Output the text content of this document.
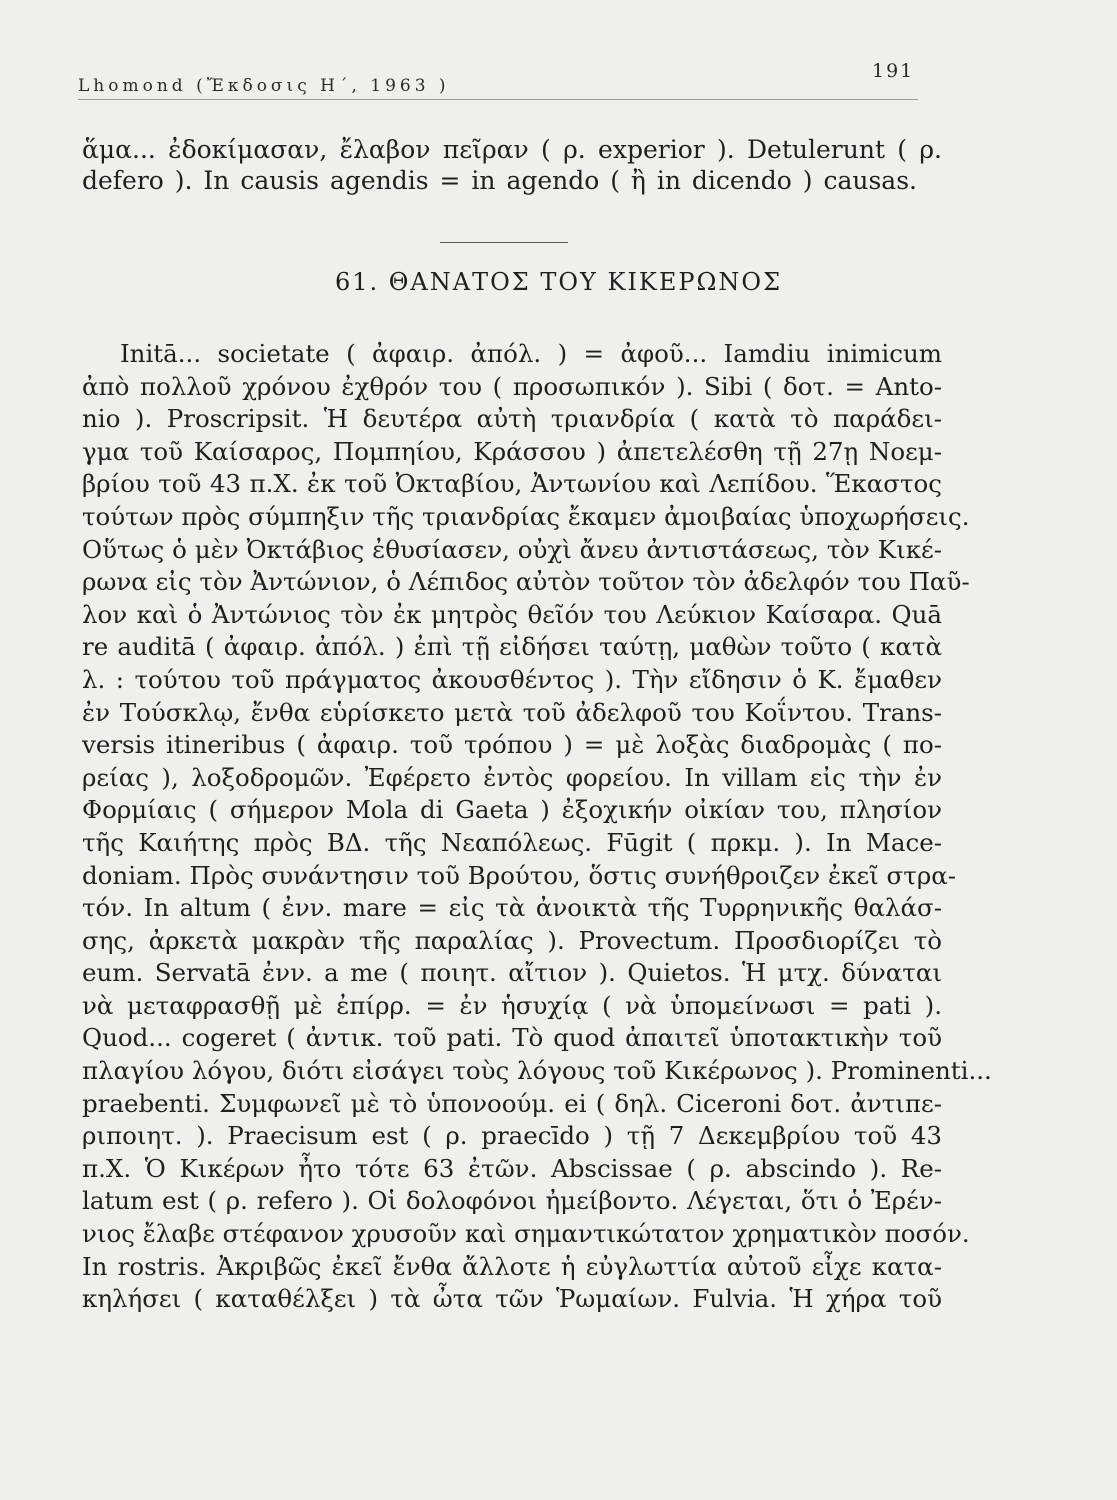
Lhomond (Ἔκδοσις Η΄, 1963 )
191
ἅμα... ἐδοκίμασαν, ἔλαβον πεῖραν ( ρ. experior ). Detulerunt ( ρ.
defero ). In causis agendis = in agendo ( ἢ in dicendo ) causas.
61. ΘΑΝΑΤΟΣ ΤΟΥ ΚΙΚΕΡΩΝΟΣ
Initā... societate ( ἀφαιρ. ἀπόλ. ) = ἀφοῦ... Iamdiu inimicum
ἀπὸ πολλοῦ χρόνου ἐχθρόν του ( προσωπικόν ). Sibi ( δοτ. = Anto-
nio ). Proscripsit. Ἡ δευτέρα αὐτὴ τριανδρία ( κατὰ τὸ παράδει-
γμα τοῦ Καίσαρος, Πομπηίου, Κράσσου ) ἀπετελέσθη τῇ 27ῃ Νοεμ-
βρίου τοῦ 43 π.Χ. ἐκ τοῦ Ὀκταβίου, Ἀντωνίου καὶ Λεπίδου. Ἕκαστος
τούτων πρὸς σύμπηξιν τῆς τριανδρίας ἔκαμεν ἀμοιβαίας ὑποχωρήσεις.
Οὕτως ὁ μὲν Ὀκτάβιος ἐθυσίασεν, οὐχὶ ἄνευ ἀντιστάσεως, τὸν Κικέ-
ρωνα εἰς τὸν Ἀντώνιον, ὁ Λέπιδος αὐτὸν τοῦτον τὸν ἀδελφόν του Παῦ-
λον καὶ ὁ Ἀντώνιος τὸν ἐκ μητρὸς θεῖόν του Λεύκιον Καίσαρα. Quā
re auditā ( ἀφαιρ. ἀπόλ. ) ἐπὶ τῇ εἰδήσει ταύτῃ, μαθὼν τοῦτο ( κατὰ
λ. : τούτου τοῦ πράγματος ἀκουσθέντος ). Τὴν εἴδησιν ὁ Κ. ἔμαθεν
ἐν Τούσκλῳ, ἔνθα εὑρίσκετο μετὰ τοῦ ἀδελφοῦ του Κοΐντου. Trans-
versis itineribus ( ἀφαιρ. τοῦ τρόπου ) = μὲ λοξὰς διαδρομὰς ( πο-
ρείας ), λοξοδρομῶν. Ἐφέρετο ἐντὸς φορείου. In villam εἰς τὴν ἐν
Φορμίαις ( σήμερον Mola di Gaeta ) ἐξοχικήν οἰκίαν του, πλησίον
τῆς Καιήτης πρὸς ΒΔ. τῆς Νεαπόλεως. Fūgit ( πρκμ. ). In Mace-
doniam. Πρὸς συνάντησιν τοῦ Βρούτου, ὅστις συνήθροιζεν ἐκεῖ στρα-
τόν. In altum ( ἐνν. mare = εἰς τὰ ἀνοικτὰ τῆς Τυρρηνικῆς θαλάσ-
σης, ἀρκετὰ μακρὰν τῆς παραλίας ). Provectum. Προσδιορίζει τὸ
eum. Servatā ἐνν. a me ( ποιητ. αἴτιον ). Quietos. Ἡ μτχ. δύναται
νὰ μεταφρασθῇ μὲ ἐπίρρ. = ἐν ἡσυχίᾳ ( νὰ ὑπομείνωσι = pati ).
Quod... cogeret ( ἀντικ. τοῦ pati. Τὸ quod ἀπαιτεῖ ὑποτακτικὴν τοῦ
πλαγίου λόγου, διότι εἰσάγει τοὺς λόγους τοῦ Κικέρωνος ). Prominenti...
praebenti. Συμφωνεῖ μὲ τὸ ὑπονοούμ. ei ( δηλ. Ciceroni δοτ. ἀντιπε-
ριποιητ. ). Praecisum est ( ρ. praecīdo ) τῇ 7 Δεκεμβρίου τοῦ 43
π.Χ. Ὁ Κικέρων ἦτο τότε 63 ἐτῶν. Abscissae ( ρ. abscindo ). Re-
latum est ( ρ. refero ). Οἱ δολοφόνοι ἠμείβοντο. Λέγεται, ὅτι ὁ Ἐρέν-
νιος ἔλαβε στέφανον χρυσοῦν καὶ σημαντικώτατον χρηματικὸν ποσόν.
In rostris. Ἀκριβῶς ἐκεῖ ἔνθα ἄλλοτε ἡ εὐγλωττία αὐτοῦ εἶχε κατα-
κηλήσει ( καταθέλξει ) τὰ ὦτα τῶν Ῥωμαίων. Fulvia. Ἡ χήρα τοῦ
